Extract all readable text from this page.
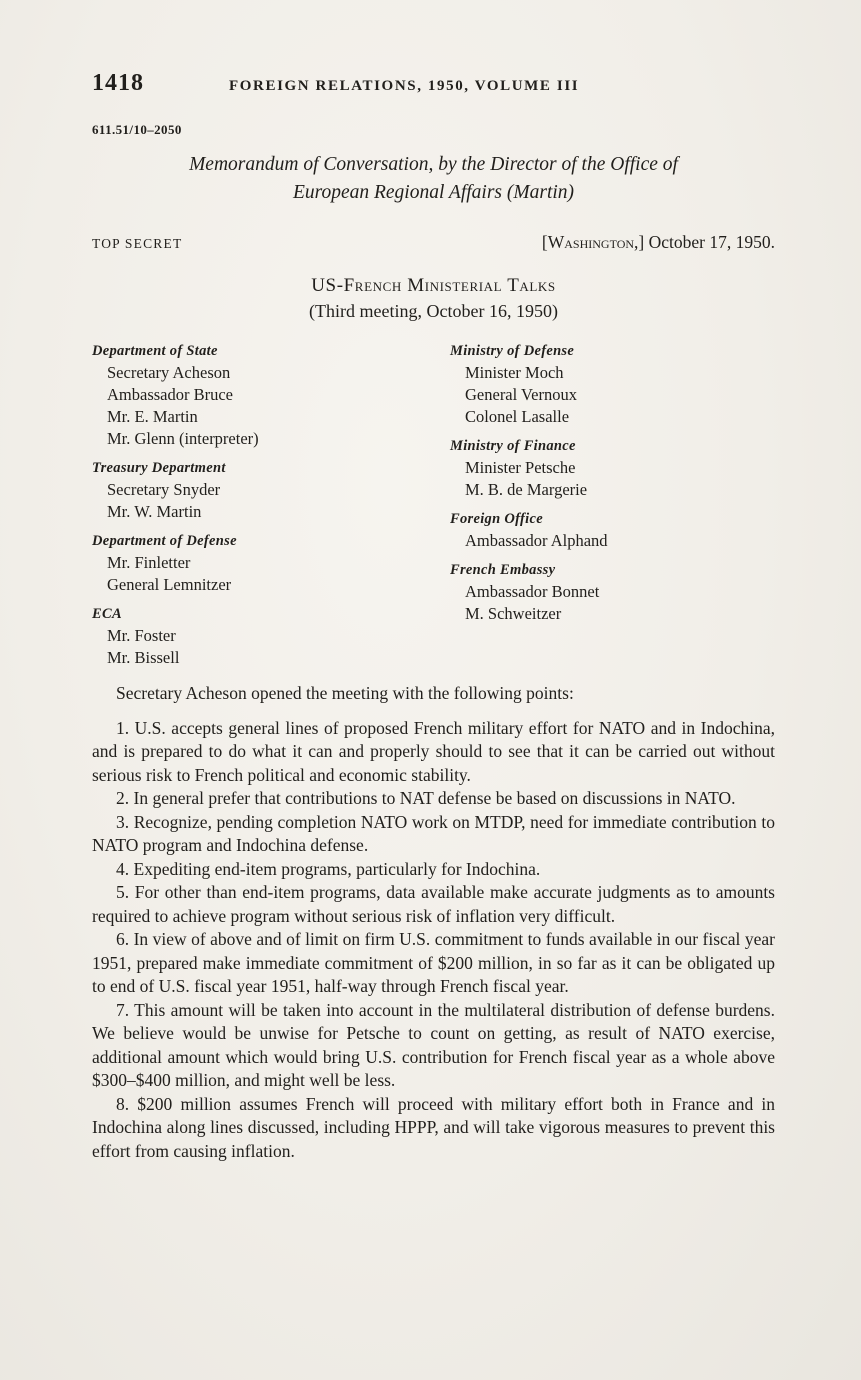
1418	FOREIGN RELATIONS, 1950, VOLUME III
611.51/10–2050
Memorandum of Conversation, by the Director of the Office of
European Regional Affairs (Martin)
TOP SECRET	[Washington,] October 17, 1950.
US-French Ministerial Talks
(Third meeting, October 16, 1950)
Department of State
Secretary Acheson
Ambassador Bruce
Mr. E. Martin
Mr. Glenn (interpreter)
Treasury Department
Secretary Snyder
Mr. W. Martin
Department of Defense
Mr. Finletter
General Lemnitzer
ECA
Mr. Foster
Mr. Bissell
Ministry of Defense
Minister Moch
General Vernoux
Colonel Lasalle
Ministry of Finance
Minister Petsche
M. B. de Margerie
Foreign Office
Ambassador Alphand
French Embassy
Ambassador Bonnet
M. Schweitzer

Secretary Acheson opened the meeting with the following points:

1. U.S. accepts general lines of proposed French military effort for NATO and in Indochina, and is prepared to do what it can and properly should to see that it can be carried out without serious risk to French political and economic stability.

2. In general prefer that contributions to NAT defense be based on discussions in NATO.

3. Recognize, pending completion NATO work on MTDP, need for immediate contribution to NATO program and Indochina defense.

4. Expediting end-item programs, particularly for Indochina.

5. For other than end-item programs, data available make accurate judgments as to amounts required to achieve program without serious risk of inflation very difficult.

6. In view of above and of limit on firm U.S. commitment to funds available in our fiscal year 1951, prepared make immediate commitment of $200 million, in so far as it can be obligated up to end of U.S. fiscal year 1951, half-way through French fiscal year.

7. This amount will be taken into account in the multilateral distribution of defense burdens. We believe would be unwise for Petsche to count on getting, as result of NATO exercise, additional amount which would bring U.S. contribution for French fiscal year as a whole above $300–$400 million, and might well be less.

8. $200 million assumes French will proceed with military effort both in France and in Indochina along lines discussed, including HPPP, and will take vigorous measures to prevent this effort from causing inflation.
